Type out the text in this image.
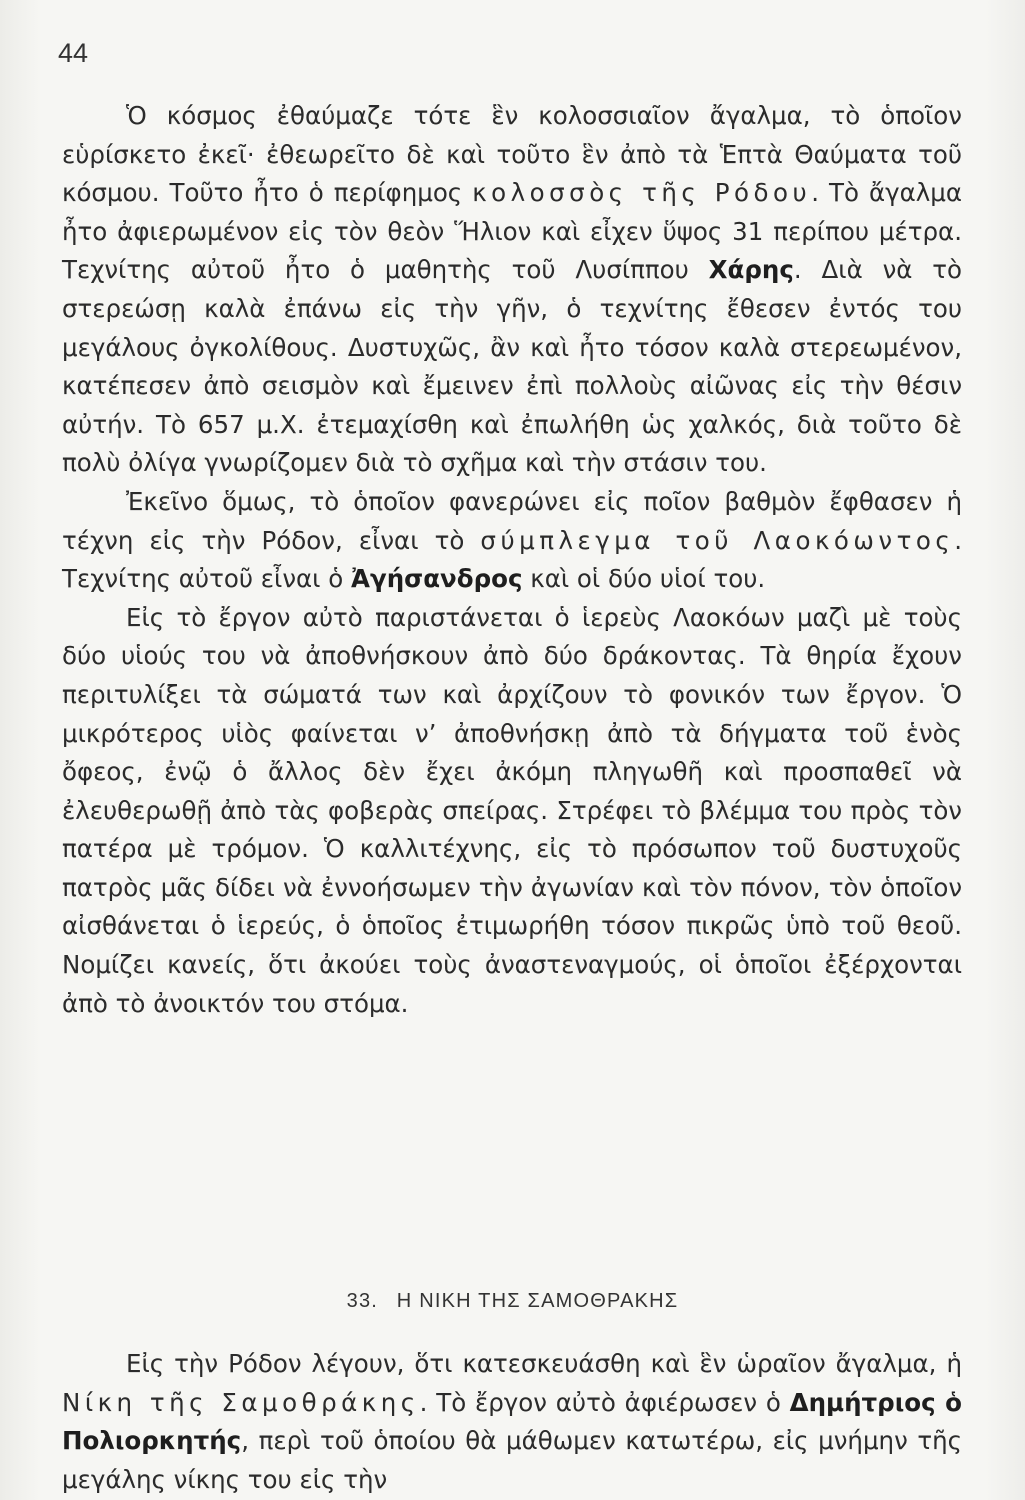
44

Ὁ κόσμος ἐθαύμαζε τότε ἓν κολοσσιαῖον ἄγαλμα, τὸ ὁποῖον εὑρίσκετο ἐκεῖ· ἐθεωρεῖτο δὲ καὶ τοῦτο ἓν ἀπὸ τὰ Ἑπτὰ Θαύματα τοῦ κόσμου. Τοῦτο ἦτο ὁ περίφημος κολοσσὸς τῆς Ρόδου. Τὸ ἄγαλμα ἦτο ἀφιερωμένον εἰς τὸν θεὸν Ἥλιον καὶ εἶχεν ὕψος 31 περίπου μέτρα. Τεχνίτης αὐτοῦ ἦτο ὁ μαθητὴς τοῦ Λυσίππου Χάρης. Διὰ νὰ τὸ στερεώσῃ καλὰ ἐπάνω εἰς τὴν γῆν, ὁ τεχνίτης ἔθεσεν ἐντός του μεγάλους ὀγκολίθους. Δυστυχῶς, ἂν καὶ ἦτο τόσον καλὰ στερεωμένον, κατέπεσεν ἀπὸ σεισμὸν καὶ ἔμεινεν ἐπὶ πολλοὺς αἰῶνας εἰς τὴν θέσιν αὐτήν. Τὸ 657 μ.Χ. ἐτεμαχίσθη καὶ ἐπωλήθη ὡς χαλκός, διὰ τοῦτο δὲ πολὺ ὀλίγα γνωρίζομεν διὰ τὸ σχῆμα καὶ τὴν στάσιν του.

Ἐκεῖνο ὅμως, τὸ ὁποῖον φανερώνει εἰς ποῖον βαθμὸν ἔφθασεν ἡ τέχνη εἰς τὴν Ρόδον, εἶναι τὸ σύμπλεγμα τοῦ Λαοκόωντος. Τεχνίτης αὐτοῦ εἶναι ὁ Ἀγήσανδρος καὶ οἱ δύο υἱοί του.

Εἰς τὸ ἔργον αὐτὸ παριστάνεται ὁ ἱερεὺς Λαοκόων μαζὶ μὲ τοὺς δύο υἱούς του νὰ ἀποθνήσκουν ἀπὸ δύο δράκοντας. Τὰ θηρία ἔχουν περιτυλίξει τὰ σώματά των καὶ ἀρχίζουν τὸ φονικόν των ἔργον. Ὁ μικρότερος υἱὸς φαίνεται ν’ ἀποθνήσκῃ ἀπὸ τὰ δήγματα τοῦ ἑνὸς ὄφεος, ἐνῷ ὁ ἄλλος δὲν ἔχει ἀκόμη πληγωθῆ καὶ προσπαθεῖ νὰ ἐλευθερωθῇ ἀπὸ τὰς φοβερὰς σπείρας. Στρέφει τὸ βλέμμα του πρὸς τὸν πατέρα μὲ τρόμον. Ὁ καλλιτέχνης, εἰς τὸ πρόσωπον τοῦ δυστυχοῦς πατρὸς μᾶς δίδει νὰ ἐννοήσωμεν τὴν ἀγωνίαν καὶ τὸν πόνον, τὸν ὁποῖον αἰσθάνεται ὁ ἱερεύς, ὁ ὁποῖος ἐτιμωρήθη τόσον πικρῶς ὑπὸ τοῦ θεοῦ. Νομίζει κανείς, ὅτι ἀκούει τοὺς ἀναστεναγμούς, οἱ ὁποῖοι ἐξέρχονται ἀπὸ τὸ ἀνοικτόν του στόμα.

33. Η ΝΙΚΗ ΤΗΣ ΣΑΜΟΘΡΑΚΗΣ

Εἰς τὴν Ρόδον λέγουν, ὅτι κατεσκευάσθη καὶ ἓν ὡραῖον ἄγαλμα, ἡ Νίκη τῆς Σαμοθράκης. Τὸ ἔργον αὐτὸ ἀφιέρωσεν ὁ Δημήτριος ὁ Πολιορκητής, περὶ τοῦ ὁποίου θὰ μάθωμεν κατωτέρω, εἰς μνήμην τῆς μεγάλης νίκης του εἰς τὴν
